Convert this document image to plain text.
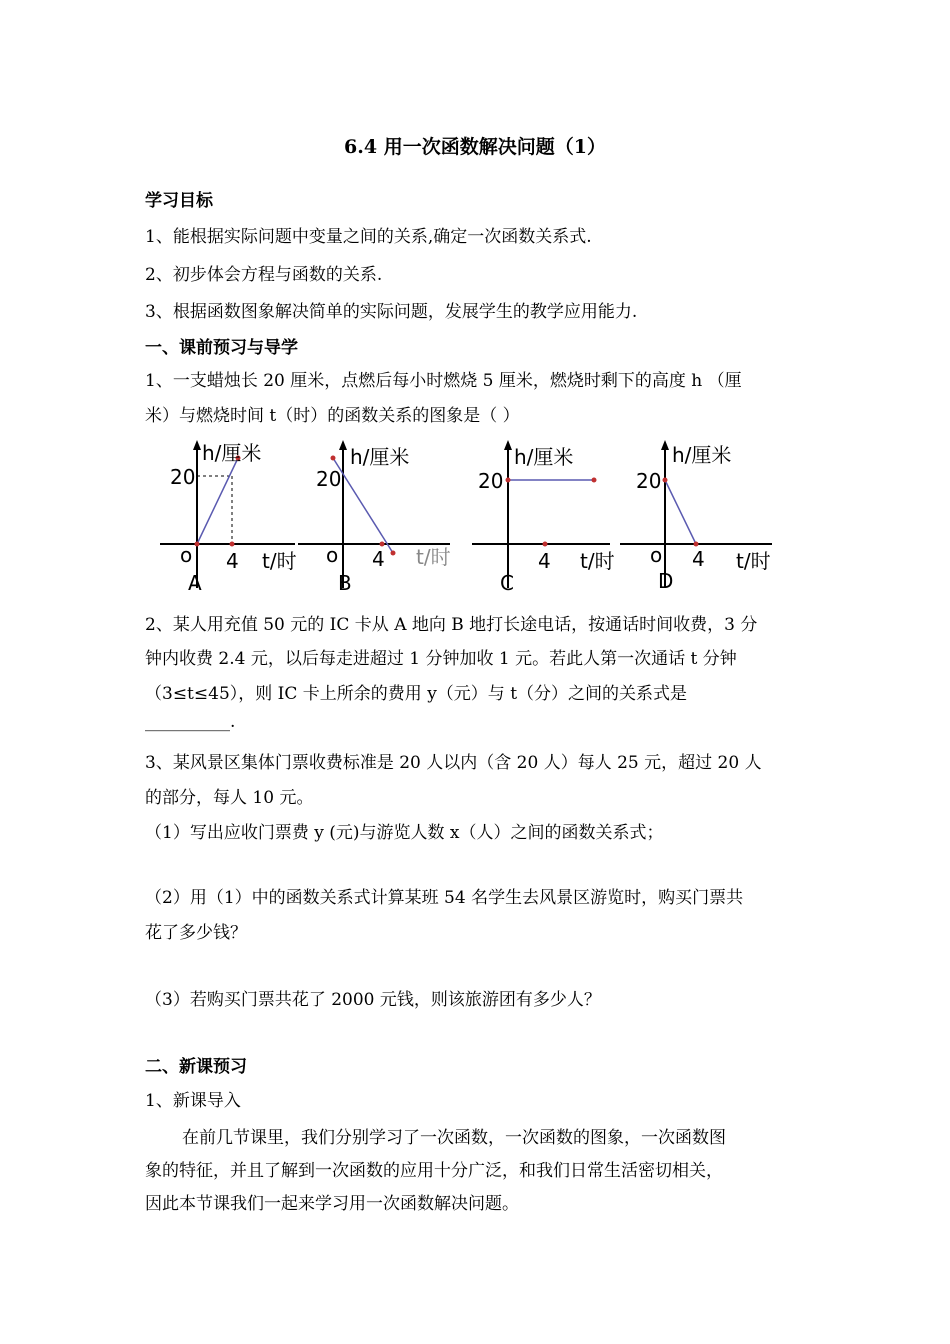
6.4 用一次函数解决问题（1）
学习目标
1、能根据实际问题中变量之间的关系,确定一次函数关系式.
2、初步体会方程与函数的关系.
3、根据函数图象解决简单的实际问题，发展学生的教学应用能力.
一、课前预习与导学
1、一支蜡烛长 20 厘米，点燃后每小时燃烧 5 厘米，燃烧时剩下的高度 h （厘
米）与燃烧时间 t（时）的函数关系的图象是（ ）
h/厘米
20
o 4 t/时
A
h/厘米
20
o 4 t/时
B
h/厘米
20
4 t/时
C
h/厘米
20
o 4 t/时
D
2、某人用充值 50 元的 IC 卡从 A 地向 B 地打长途电话，按通话时间收费，3 分
钟内收费 2.4 元，以后每走进超过 1 分钟加收 1 元。若此人第一次通话 t 分钟
（3≤t≤45），则 IC 卡上所余的费用 y（元）与 t（分）之间的关系式是
__________.
3、某风景区集体门票收费标准是 20 人以内（含 20 人）每人 25 元，超过 20 人
的部分，每人 10 元。
（1）写出应收门票费 y (元)与游览人数 x（人）之间的函数关系式；
（2）用（1）中的函数关系式计算某班 54 名学生去风景区游览时，购买门票共
花了多少钱？
（3）若购买门票共花了 2000 元钱，则该旅游团有多少人？
二、新课预习
1、新课导入
在前几节课里，我们分别学习了一次函数，一次函数的图象，一次函数图
象的特征，并且了解到一次函数的应用十分广泛，和我们日常生活密切相关，
因此本节课我们一起来学习用一次函数解决问题。
